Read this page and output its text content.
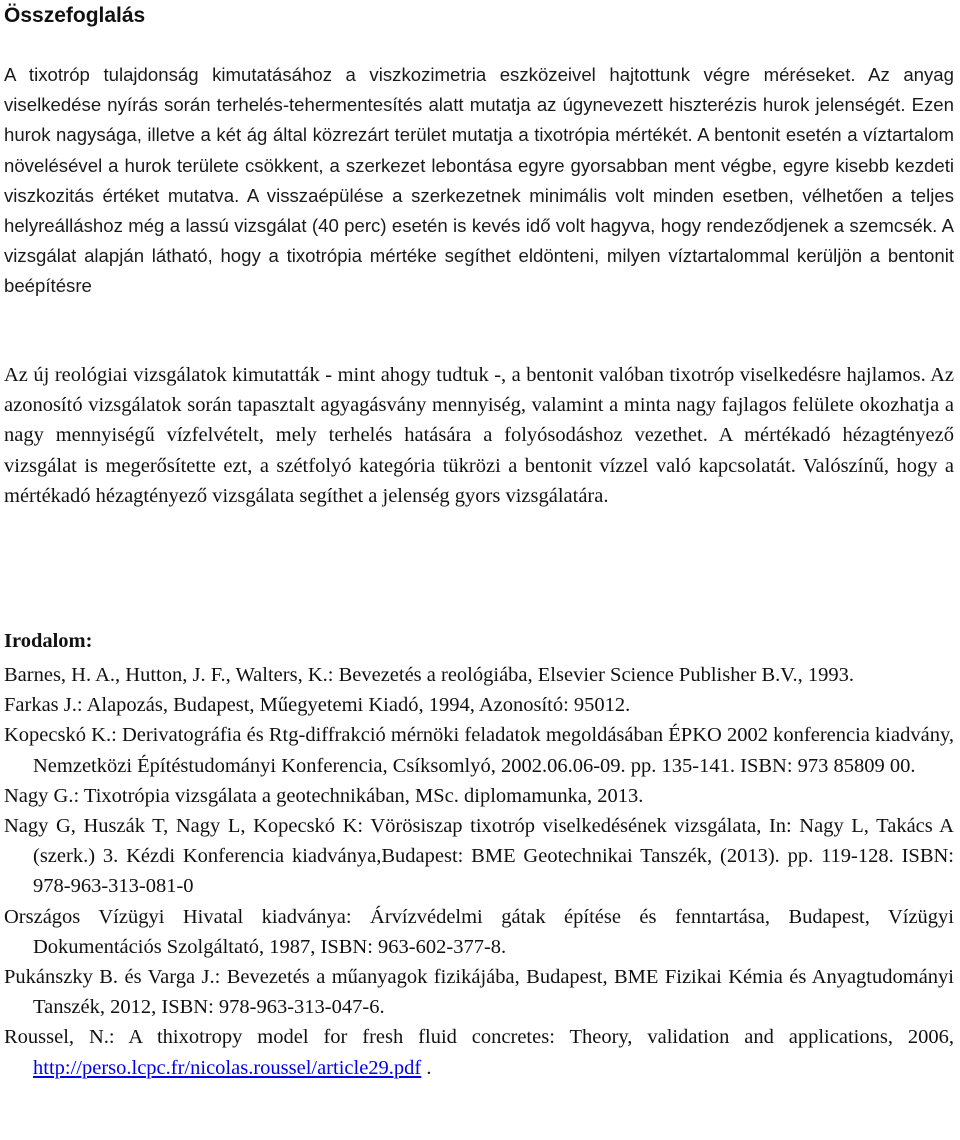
Összefoglalás

A tixotróp tulajdonság kimutatásához a viszkozimetria eszközeivel hajtottunk végre méréseket. Az anyag viselkedése nyírás során terhelés-tehermentesítés alatt mutatja az úgynevezett hiszterézis hurok jelenségét. Ezen hurok nagysága, illetve a két ág által közrezárt terület mutatja a tixotrópia mértékét. A bentonit esetén a víztartalom növelésével a hurok területe csökkent, a szerkezet lebontása egyre gyorsabban ment végbe, egyre kisebb kezdeti viszkozitás értéket mutatva. A visszaépülése a szerkezetnek minimális volt minden esetben, vélhetően a teljes helyreálláshoz még a lassú vizsgálat (40 perc) esetén is kevés idő volt hagyva, hogy rendeződjenek a szemcsék. A vizsgálat alapján látható, hogy a tixotrópia mértéke segíthet eldönteni, milyen víztartalommal kerüljön a bentonit beépítésre

Az új reológiai vizsgálatok kimutatták - mint ahogy tudtuk -, a bentonit valóban tixotróp viselkedésre hajlamos. Az azonosító vizsgálatok során tapasztalt agyagásvány mennyiség, valamint a minta nagy fajlagos felülete okozhatja a nagy mennyiségű vízfelvételt, mely terhelés hatására a folyósodáshoz vezethet. A mértékadó hézagtényező vizsgálat is megerősítette ezt, a szétfolyó kategória tükrözi a bentonit vízzel való kapcsolatát. Valószínű, hogy a mértékadó hézagtényező vizsgálata segíthet a jelenség gyors vizsgálatára.

Irodalom:
Barnes, H. A., Hutton, J. F., Walters, K.: Bevezetés a reológiába, Elsevier Science Publisher B.V., 1993.
Farkas J.: Alapozás, Budapest, Műegyetemi Kiadó, 1994, Azonosító: 95012.
Kopecskó K.: Derivatográfia és Rtg-diffrakció mérnöki feladatok megoldásában ÉPKO 2002 konferencia kiadvány, Nemzetközi Építéstudományi Konferencia, Csíksomlyó, 2002.06.06-09. pp. 135-141. ISBN: 973 85809 00.
Nagy G.: Tixotrópia vizsgálata a geotechnikában, MSc. diplomamunka, 2013.
Nagy G, Huszák T, Nagy L, Kopecskó K: Vörösiszap tixotróp viselkedésének vizsgálata, In: Nagy L, Takács A (szerk.) 3. Kézdi Konferencia kiadványa,Budapest: BME Geotechnikai Tanszék, (2013). pp. 119-128. ISBN: 978-963-313-081-0
Országos Vízügyi Hivatal kiadványa: Árvízvédelmi gátak építése és fenntartása, Budapest, Vízügyi Dokumentációs Szolgáltató, 1987, ISBN: 963-602-377-8.
Pukánszky B. és Varga J.: Bevezetés a műanyagok fizikájába, Budapest, BME Fizikai Kémia és Anyagtudományi Tanszék, 2012, ISBN: 978-963-313-047-6.
Roussel, N.: A thixotropy model for fresh fluid concretes: Theory, validation and applications, 2006, http://perso.lcpc.fr/nicolas.roussel/article29.pdf .
